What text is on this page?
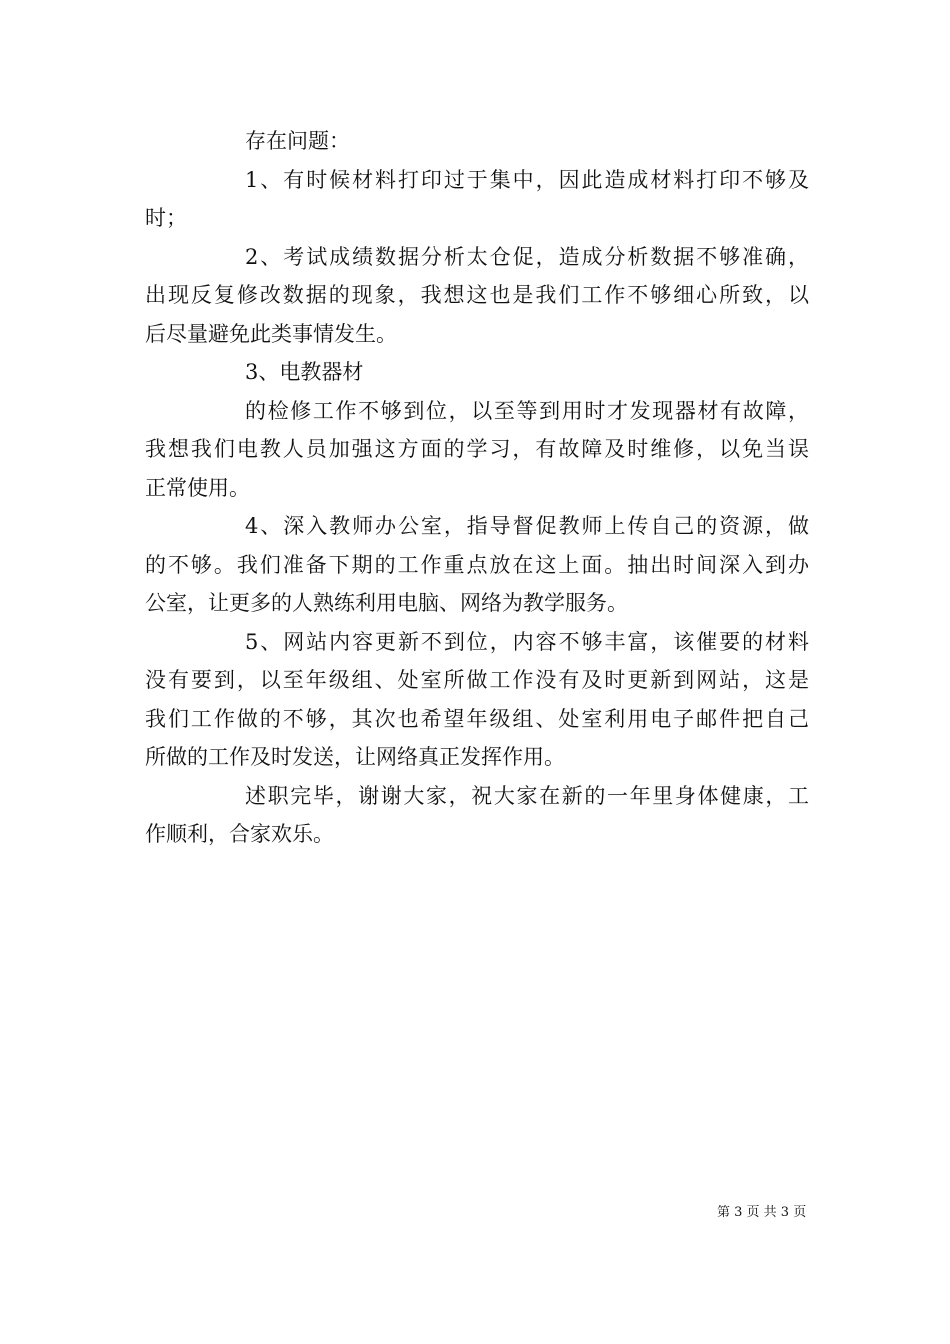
存在问题：
1、有时候材料打印过于集中，因此造成材料打印不够及
时；
2、考试成绩数据分析太仓促，造成分析数据不够准确，
出现反复修改数据的现象，我想这也是我们工作不够细心所致，以
后尽量避免此类事情发生。
3、电教器材
的检修工作不够到位，以至等到用时才发现器材有故障，
我想我们电教人员加强这方面的学习，有故障及时维修，以免当误
正常使用。
4、深入教师办公室，指导督促教师上传自己的资源，做
的不够。我们准备下期的工作重点放在这上面。抽出时间深入到办
公室，让更多的人熟练利用电脑、网络为教学服务。
5、网站内容更新不到位，内容不够丰富，该催要的材料
没有要到，以至年级组、处室所做工作没有及时更新到网站，这是
我们工作做的不够，其次也希望年级组、处室利用电子邮件把自己
所做的工作及时发送，让网络真正发挥作用。
述职完毕，谢谢大家，祝大家在新的一年里身体健康，工
作顺利，合家欢乐。
第 3 页 共 3 页
